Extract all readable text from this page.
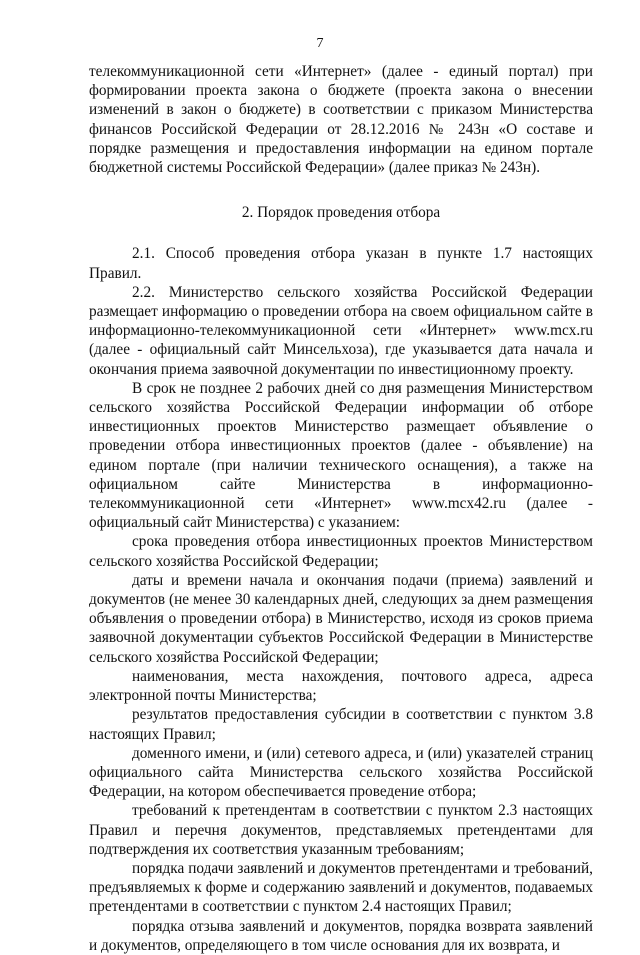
7

телекоммуникационной сети «Интернет» (далее - единый портал) при формировании проекта закона о бюджете (проекта закона о внесении изменений в закон о бюджете) в соответствии с приказом Министерства финансов Российской Федерации от 28.12.2016 № 243н «О составе и порядке размещения и предоставления информации на едином портале бюджетной системы Российской Федерации» (далее приказ № 243н).

2. Порядок проведения отбора

2.1. Способ проведения отбора указан в пункте 1.7 настоящих Правил.

2.2. Министерство сельского хозяйства Российской Федерации размещает информацию о проведении отбора на своем официальном сайте в информационно-телекоммуникационной сети «Интернет» www.mcx.ru (далее - официальный сайт Минсельхоза), где указывается дата начала и окончания приема заявочной документации по инвестиционному проекту.

В срок не позднее 2 рабочих дней со дня размещения Министерством сельского хозяйства Российской Федерации информации об отборе инвестиционных проектов Министерство размещает объявление о проведении отбора инвестиционных проектов (далее - объявление) на едином портале (при наличии технического оснащения), а также на официальном сайте Министерства в информационно-телекоммуникационной сети «Интернет» www.mcx42.ru (далее - официальный сайт Министерства) с указанием:

срока проведения отбора инвестиционных проектов Министерством сельского хозяйства Российской Федерации;

даты и времени начала и окончания подачи (приема) заявлений и документов (не менее 30 календарных дней, следующих за днем размещения объявления о проведении отбора) в Министерство, исходя из сроков приема заявочной документации субъектов Российской Федерации в Министерстве сельского хозяйства Российской Федерации;

наименования, места нахождения, почтового адреса, адреса электронной почты Министерства;

результатов предоставления субсидии в соответствии с пунктом 3.8 настоящих Правил;

доменного имени, и (или) сетевого адреса, и (или) указателей страниц официального сайта Министерства сельского хозяйства Российской Федерации, на котором обеспечивается проведение отбора;

требований к претендентам в соответствии с пунктом 2.3 настоящих Правил и перечня документов, представляемых претендентами для подтверждения их соответствия указанным требованиям;

порядка подачи заявлений и документов претендентами и требований, предъявляемых к форме и содержанию заявлений и документов, подаваемых претендентами в соответствии с пунктом 2.4 настоящих Правил;

порядка отзыва заявлений и документов, порядка возврата заявлений и документов, определяющего в том числе основания для их возврата, и
